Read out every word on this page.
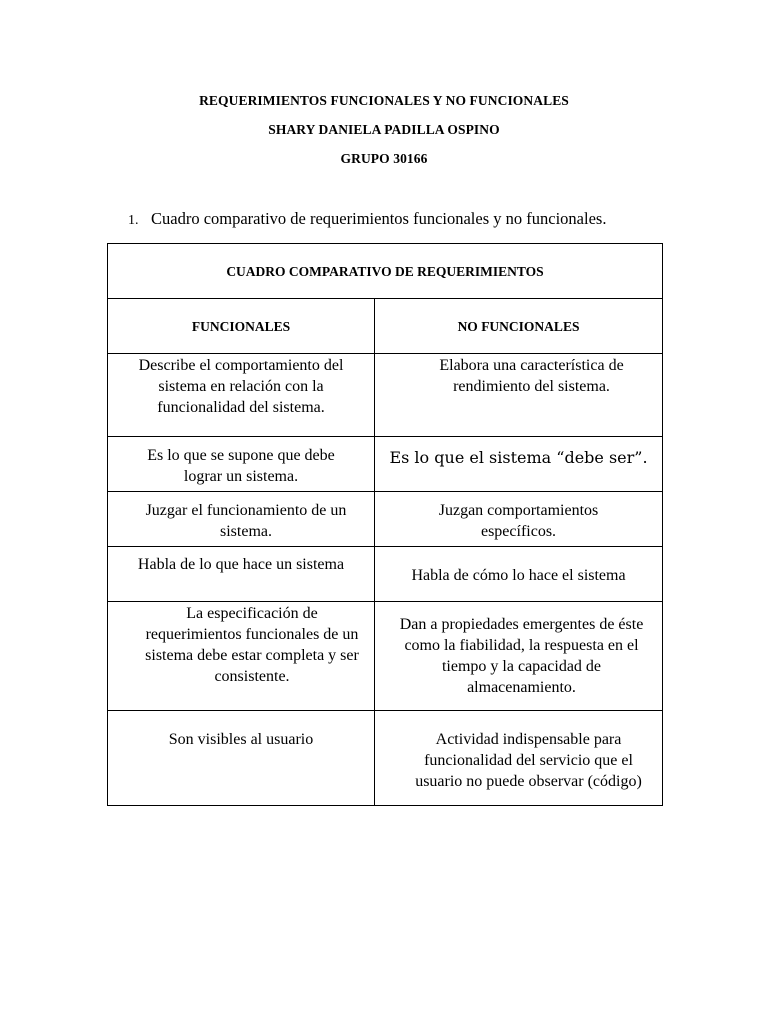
REQUERIMIENTOS FUNCIONALES Y NO FUNCIONALES
SHARY DANIELA PADILLA OSPINO
GRUPO 30166
1. Cuadro comparativo de requerimientos funcionales y no funcionales.
CUADRO COMPARATIVO DE REQUERIMIENTOS	
FUNCIONALES	NO FUNCIONALES
Describe el comportamiento del sistema en relación con la funcionalidad del sistema.	Elabora una característica de rendimiento del sistema.
Es lo que se supone que debe lograr un sistema.	Es lo que el sistema “debe ser”.
Juzgar el funcionamiento de un sistema.	Juzgan comportamientos específicos.
Habla de lo que hace un sistema	Habla de cómo lo hace el sistema
La especificación de requerimientos funcionales de un sistema debe estar completa y ser consistente.	Dan a propiedades emergentes de éste como la fiabilidad, la respuesta en el tiempo y la capacidad de almacenamiento.
Son visibles al usuario	Actividad indispensable para funcionalidad del servicio que el usuario no puede observar (código)
